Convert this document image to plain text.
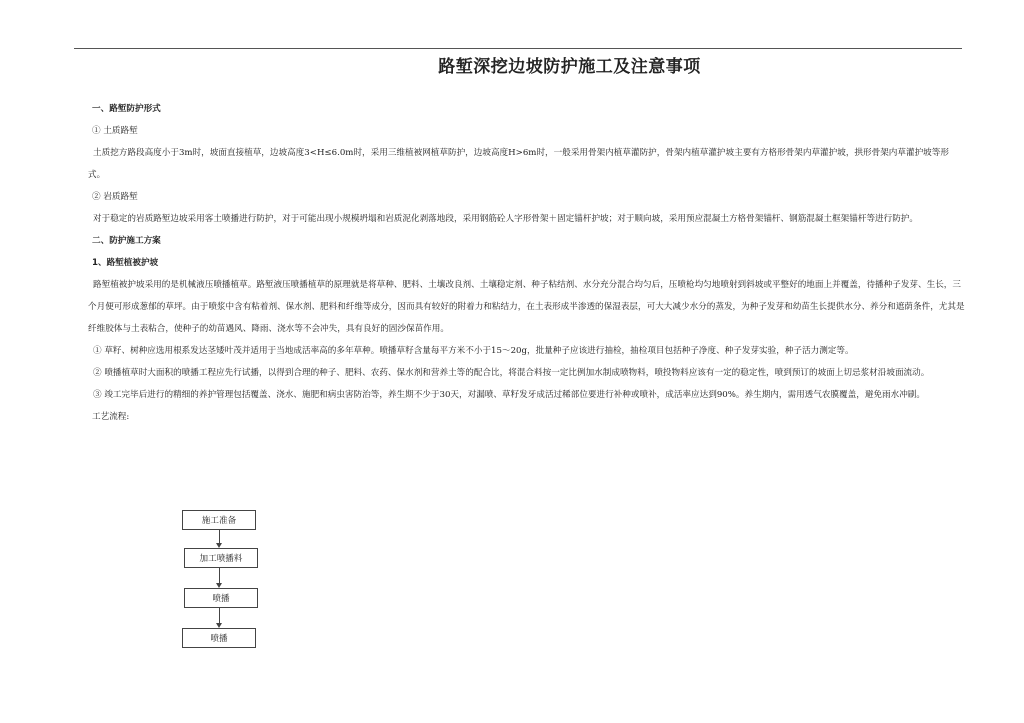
路堑深挖边坡防护施工及注意事项

一、路堑防护形式

① 土质路堑

土质挖方路段高度小于3m时，坡面直接植草，边坡高度3<H≤6.0m时，采用三维植被网植草防护，边坡高度H>6m时，一般采用骨架内植草灌防护，骨架内植草灌护坡主要有方格形骨架内草灌护坡，拱形骨架内草灌护坡等形式。

② 岩质路堑

对于稳定的岩质路堑边坡采用客土喷播进行防护，对于可能出现小规模坍塌和岩质泥化剥落地段，采用钢筋砼人字形骨架＋固定锚杆护坡；对于顺向坡，采用预应混凝土方格骨架锚杆、钢筋混凝土框架锚杆等进行防护。

二、防护施工方案

1、路堑植被护坡

路堑植被护坡采用的是机械液压喷播植草。路堑液压喷播植草的原理就是将草种、肥料、土壤改良剂、土壤稳定剂、种子粘结剂、水分充分混合均匀后，压喷枪均匀地喷射到斜坡或平整好的地面上并覆盖，待播种子发芽、生长，三个月便可形成葱郁的草坪。由于喷浆中含有粘着剂、保水剂、肥料和纤维等成分，因而具有较好的附着力和粘结力，在土表形成半渗透的保湿表层，可大大减少水分的蒸发，为种子发芽和幼苗生长提供水分、养分和遮荫条件，尤其是纤维胶体与土表粘合，使种子的幼苗遇风、降雨、浇水等不会冲失，具有良好的固沙保苗作用。

① 草籽、树种应选用根系发达茎矮叶茂并适用于当地成活率高的多年草种。喷播草籽含量每平方米不小于15～20g，批量种子应该进行抽检，抽检项目包括种子净度、种子发芽实验，种子活力测定等。

② 喷播植草时大面积的喷播工程应先行试播，以得到合理的种子、肥料、农药、保水剂和营养土等的配合比，将混合料按一定比例加水制成喷物料，喷投物料应该有一定的稳定性，喷到预订的坡面上切忌浆材沿坡面流动。

③ 竣工完毕后进行的精细的养护管理包括覆盖、浇水、施肥和病虫害防治等，养生期不少于30天，对漏喷、草籽发牙成活过稀部位要进行补种或喷补，成活率应达到90%。养生期内，需用透气农膜覆盖，避免雨水冲刷。

工艺流程:

施工准备
加工喷播料
喷播
喷播
